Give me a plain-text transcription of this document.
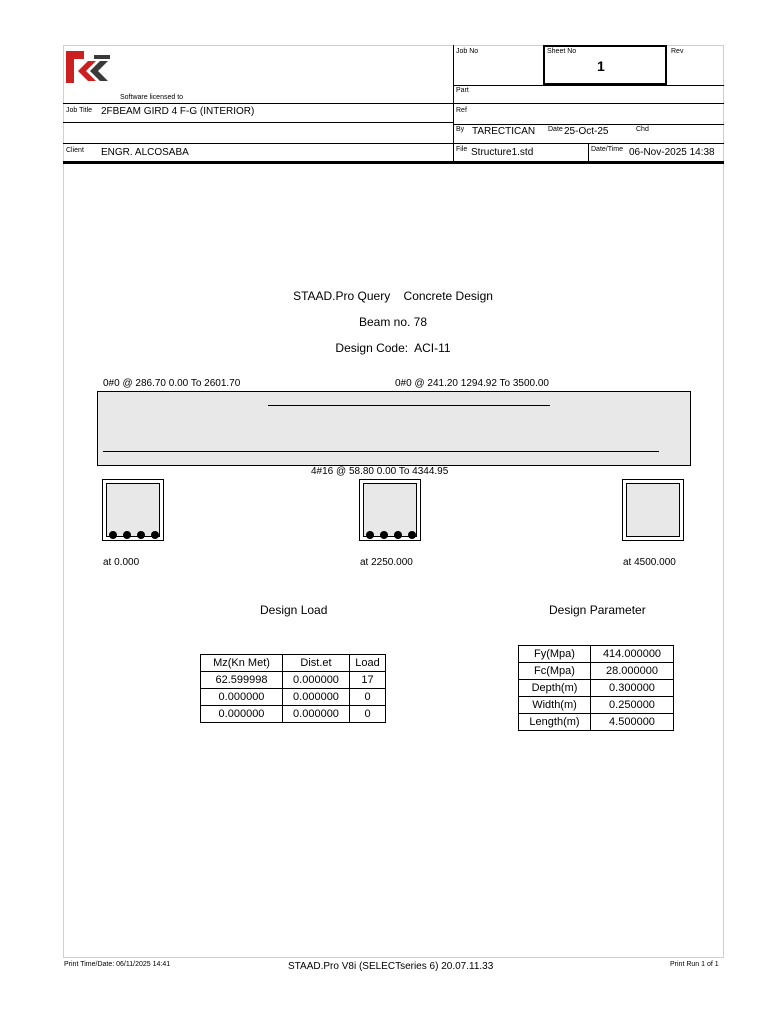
Software licensed to
Job No	Sheet No
1
Rev
Part
Job Title 2FBEAM GIRD 4 F-G (INTERIOR)	Ref
By TARECTICAN Date 25-Oct-25	Chd
Client ENGR. ALCOSABA	File Structure1.std	Date/Time 06-Nov-2025 14:38
STAAD.Pro Query    Concrete Design
Beam no. 78
Design Code:  ACI-11
0#0 @ 286.70 0.00 To 2601.70	0#0 @ 241.20 1294.92 To 3500.00
4#16 @ 58.80 0.00 To 4344.95
at 0.000	at 2250.000	at 4500.000
Design Load	Design Parameter
Mz(Kn Met)	Dist.et	Load
62.599998	0.000000	17
0.000000	0.000000	0
0.000000	0.000000	0
Fy(Mpa)	414.000000
Fc(Mpa)	28.000000
Depth(m)	0.300000
Width(m)	0.250000
Length(m)	4.500000
Print Time/Date: 06/11/2025 14:41	STAAD.Pro V8i (SELECTseries 6) 20.07.11.33	Print Run 1 of 1
